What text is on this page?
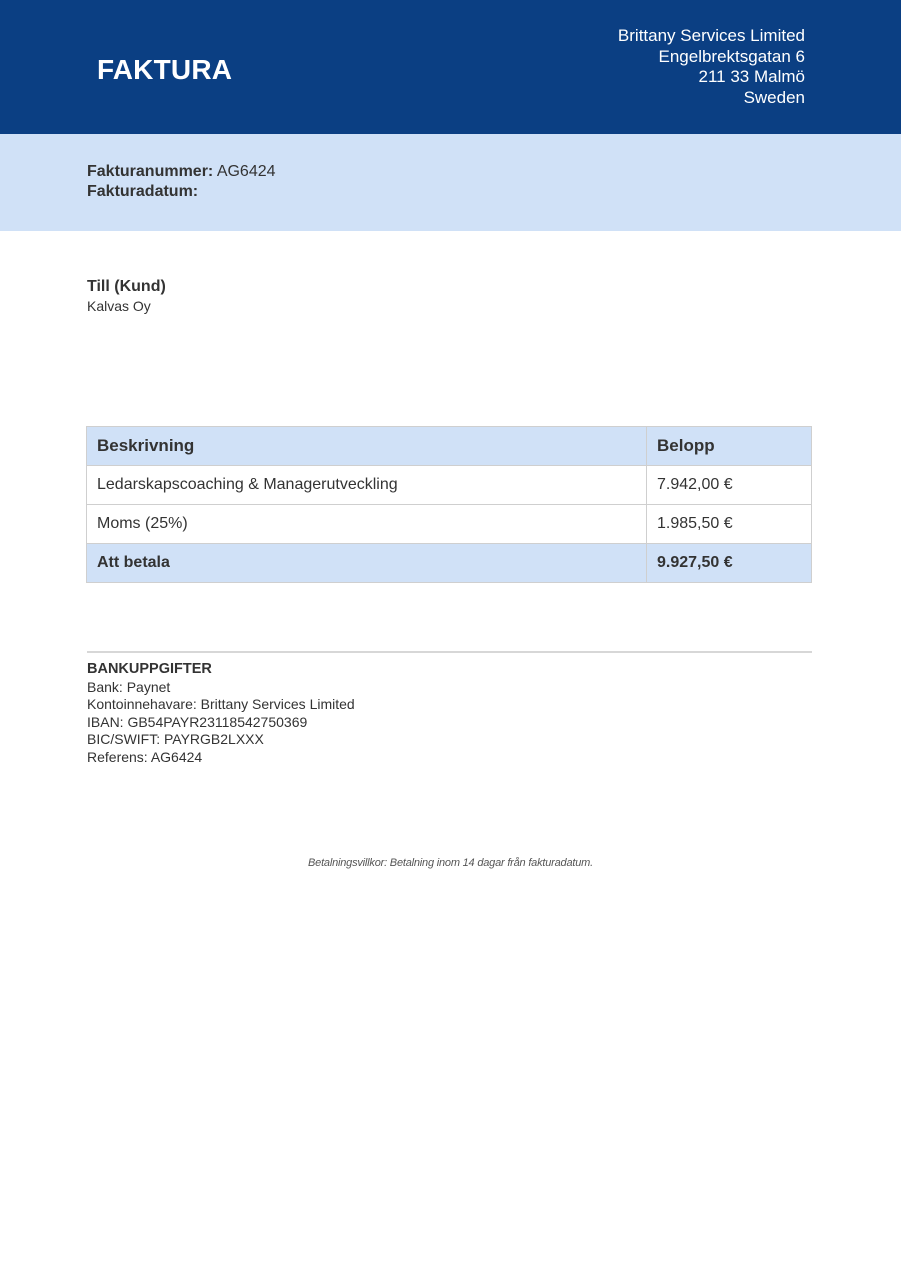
FAKTURA
Brittany Services Limited
Engelbrektsgatan 6
211 33 Malmö
Sweden
Fakturanummer: AG6424
Fakturadatum:
Till (Kund)
Kalvas Oy
Beskrivning	Belopp
Ledarskapscoaching & Managerutveckling	7.942,00 €
Moms (25%)	1.985,50 €
Att betala	9.927,50 €
BANKUPPGIFTER
Bank: Paynet
Kontoinnehavare: Brittany Services Limited
IBAN: GB54PAYR23118542750369
BIC/SWIFT: PAYRGB2LXXX
Referens: AG6424
Betalningsvillkor: Betalning inom 14 dagar från fakturadatum.
